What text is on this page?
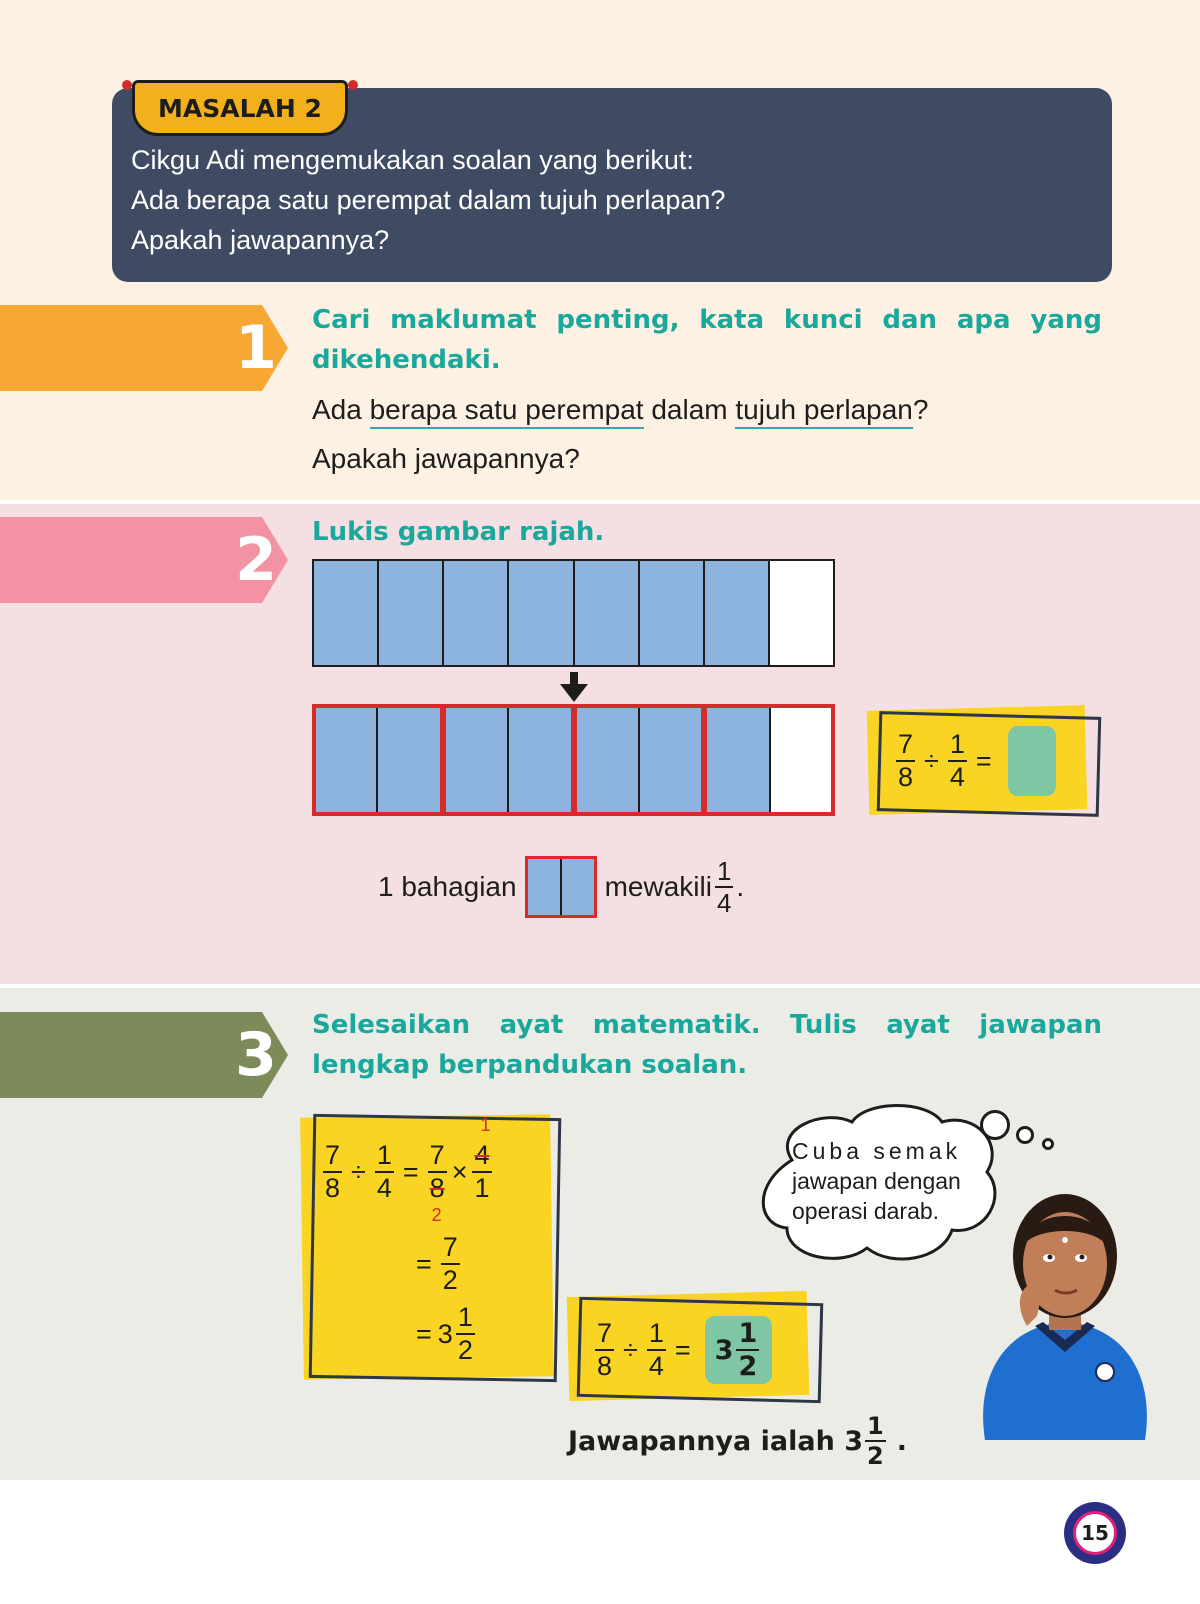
MASALAH 2
Cikgu Adi mengemukakan soalan yang berikut:
Ada berapa satu perempat dalam tujuh perlapan?
Apakah jawapannya?
1	Cari maklumat penting, kata kunci dan apa yang dikehendaki.
Ada berapa satu perempat dalam tujuh perlapan?
Apakah jawapannya?
2	Lukis gambar rajah.
$\frac{7}{8} \div \frac{1}{4}$ =
1 bahagian	mewakili $\frac{1}{4}$ .
3	Selesaikan ayat matematik. Tulis ayat jawapan lengkap berpandukan soalan.
$\frac{7}{8} \div \frac{1}{4}$ =
7
8
2
×
1
4
1
= $\frac{7}{2}$
= $3 \frac{1}{2}$	$\frac{7}{8} \div \frac{1}{4} = 3 \frac{1}{2}$
Jawapannya ialah $3 \frac{1}{2}$ .
Cuba semak
jawapan dengan
operasi darab.
15
